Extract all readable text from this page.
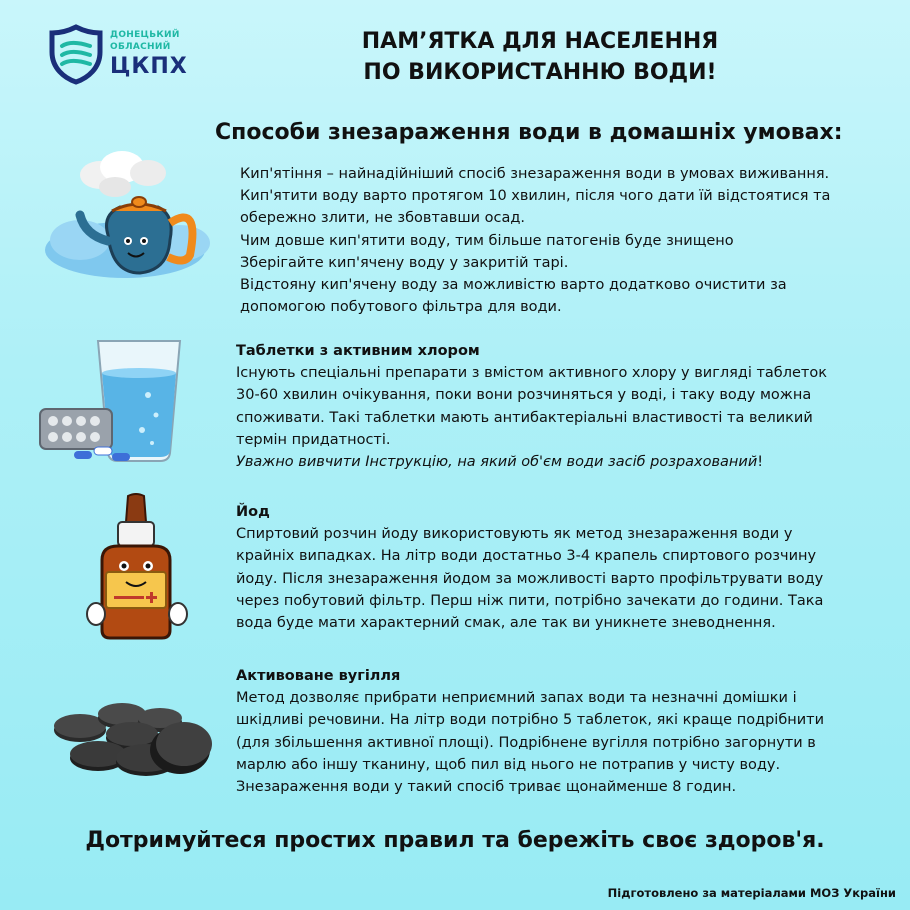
ДОНЕЦЬКИЙ
ОБЛАСНИЙ
ЦКПХ
ПАМ’ЯТКА ДЛЯ НАСЕЛЕННЯ
ПО ВИКОРИСТАННЮ ВОДИ!
Способи знезараження води в домашніх умовах:
Кип'ятіння – найнадійніший спосіб знезараження води в умовах виживання.
Кип'ятити воду варто протягом 10 хвилин, після чого дати їй відстоятися та
обережно злити, не збовтавши осад.
Чим довше кип'ятити воду, тим більше патогенів буде знищено
Зберігайте кип'ячену воду у закритій тарі.
Відстояну кип'ячену воду за можливістю варто додатково очистити за
допомогою побутового фільтра для води.
Таблетки з активним хлором
Існують спеціальні препарати з вмістом активного хлору у вигляді таблеток
30-60 хвилин очікування, поки вони розчиняться у воді, і таку воду можна
споживати. Такі таблетки мають антибактеріальні властивості та великий
термін придатності.
Уважно вивчити Інструкцію, на який об'єм води засіб розрахований!
Йод
Спиртовий розчин йоду використовують як метод знезараження води у
крайніх випадках. На літр води достатньо 3-4 крапель спиртового розчину
йоду. Після знезараження йодом за можливості варто профільтрувати воду
через побутовий фільтр. Перш ніж пити, потрібно зачекати до години. Така
вода буде мати характерний смак, але так ви уникнете зневоднення.
Активоване вугілля
Метод дозволяє прибрати неприємний запах води та незначні домішки і
шкідливі речовини. На літр води потрібно 5 таблеток, які краще подрібнити
(для збільшення активної площі). Подрібнене вугілля потрібно загорнути в
марлю або іншу тканину, щоб пил від нього не потрапив у чисту воду.
Знезараження води у такий спосіб триває щонайменше 8 годин.
Дотримуйтеся простих правил та бережіть своє здоров'я.
Підготовлено за матеріалами МОЗ України
